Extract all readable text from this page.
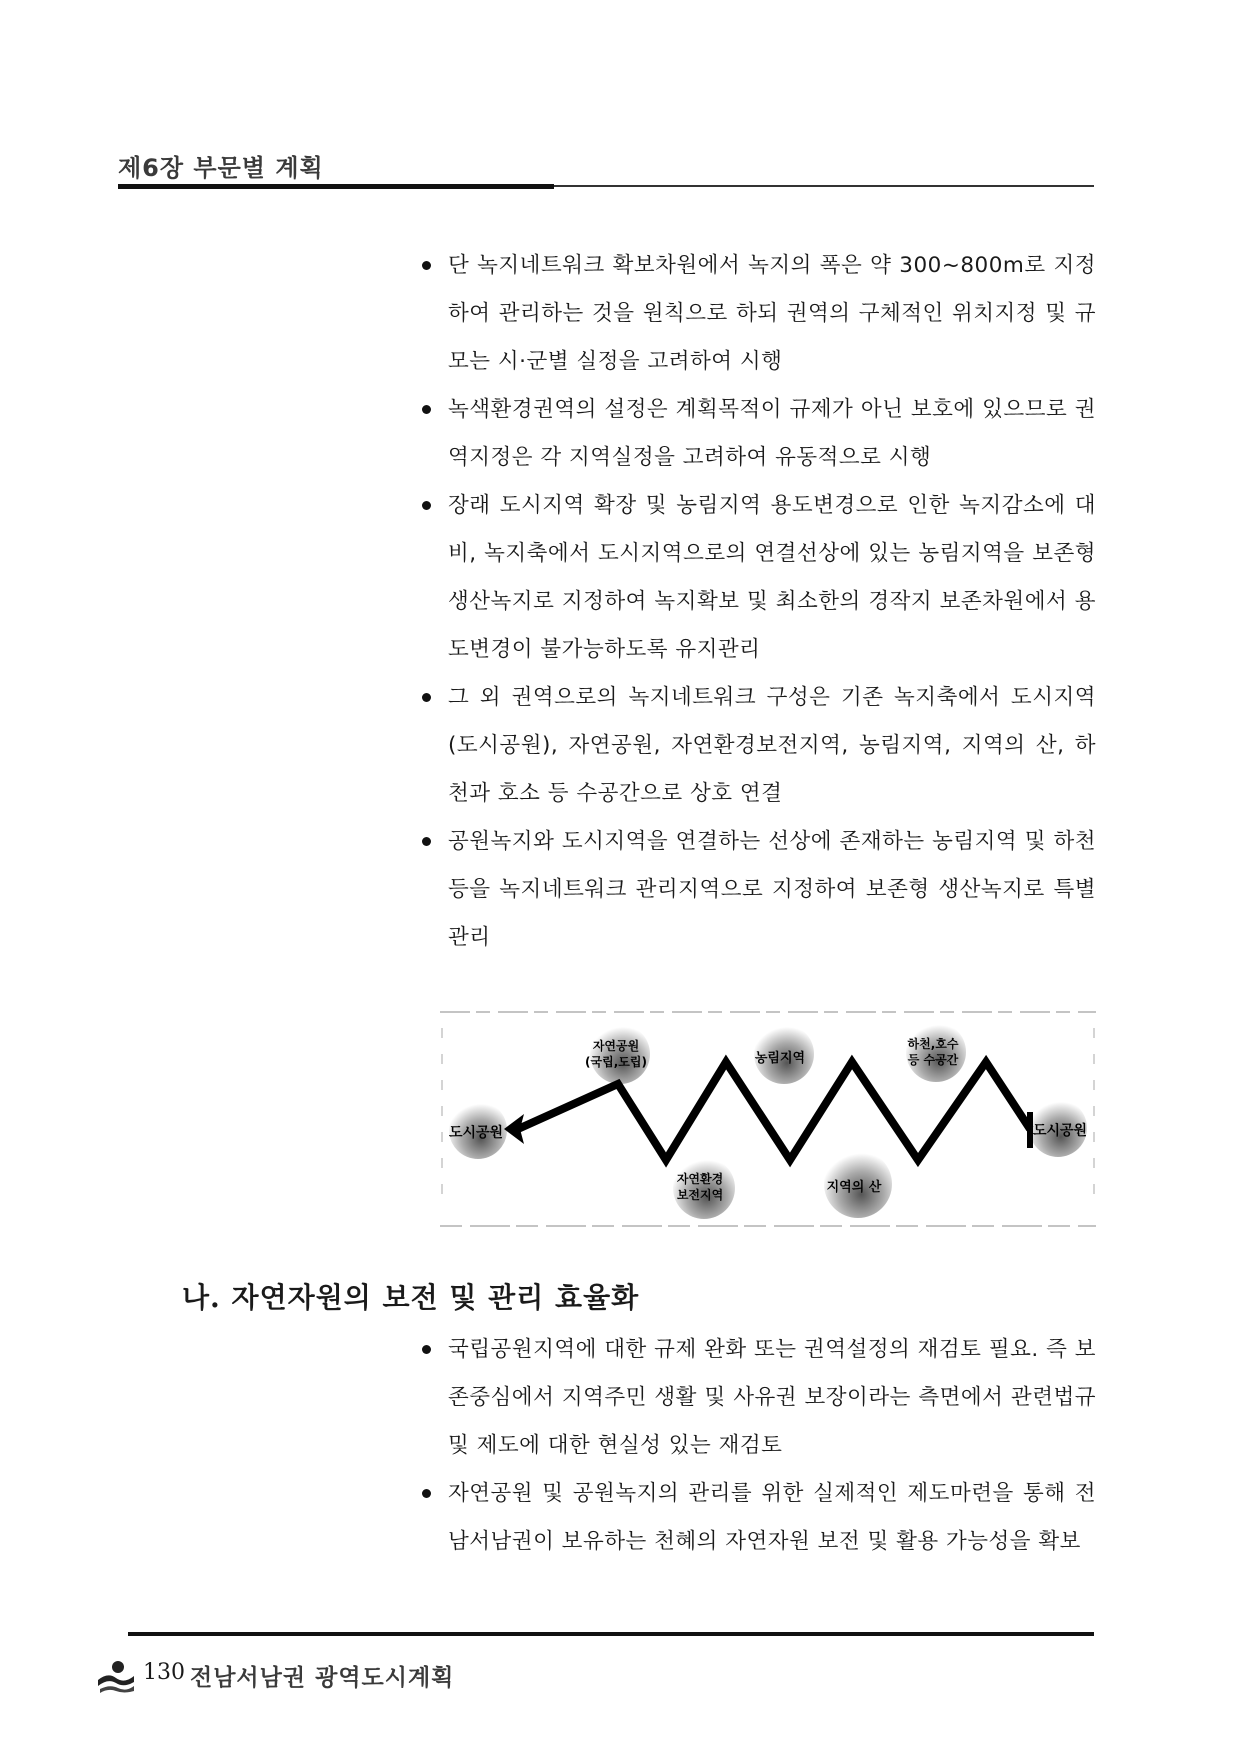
제6장 부문별 계획
단 녹지네트워크 확보차원에서 녹지의 폭은 약 300~800m로 지정하여 관리하는 것을 원칙으로 하되 권역의 구체적인 위치지정 및 규모는 시·군별 실정을 고려하여 시행
녹색환경권역의 설정은 계획목적이 규제가 아닌 보호에 있으므로 권역지정은 각 지역실정을 고려하여 유동적으로 시행
장래 도시지역 확장 및 농림지역 용도변경으로 인한 녹지감소에 대비, 녹지축에서 도시지역으로의 연결선상에 있는 농림지역을 보존형 생산녹지로 지정하여 녹지확보 및 최소한의 경작지 보존차원에서 용도변경이 불가능하도록 유지관리
그 외 권역으로의 녹지네트워크 구성은 기존 녹지축에서 도시지역(도시공원), 자연공원, 자연환경보전지역, 농림지역, 지역의 산, 하천과 호소 등 수공간으로 상호 연결
공원녹지와 도시지역을 연결하는 선상에 존재하는 농림지역 및 하천 등을 녹지네트워크 관리지역으로 지정하여 보존형 생산녹지로 특별관리
도시공원	도시공원
자연공원
(국립,도립)	농림지역
하천,호수
등 수공간
자연환경
보전지역	지역의 산
나. 자연자원의 보전 및 관리 효율화
국립공원지역에 대한 규제 완화 또는 권역설정의 재검토 필요. 즉 보존중심에서 지역주민 생활 및 사유권 보장이라는 측면에서 관련법규 및 제도에 대한 현실성 있는 재검토
자연공원 및 공원녹지의 관리를 위한 실제적인 제도마련을 통해 전남서남권이 보유하는 천혜의 자연자원 보전 및 활용 가능성을 확보
130 전남서남권 광역도시계획
